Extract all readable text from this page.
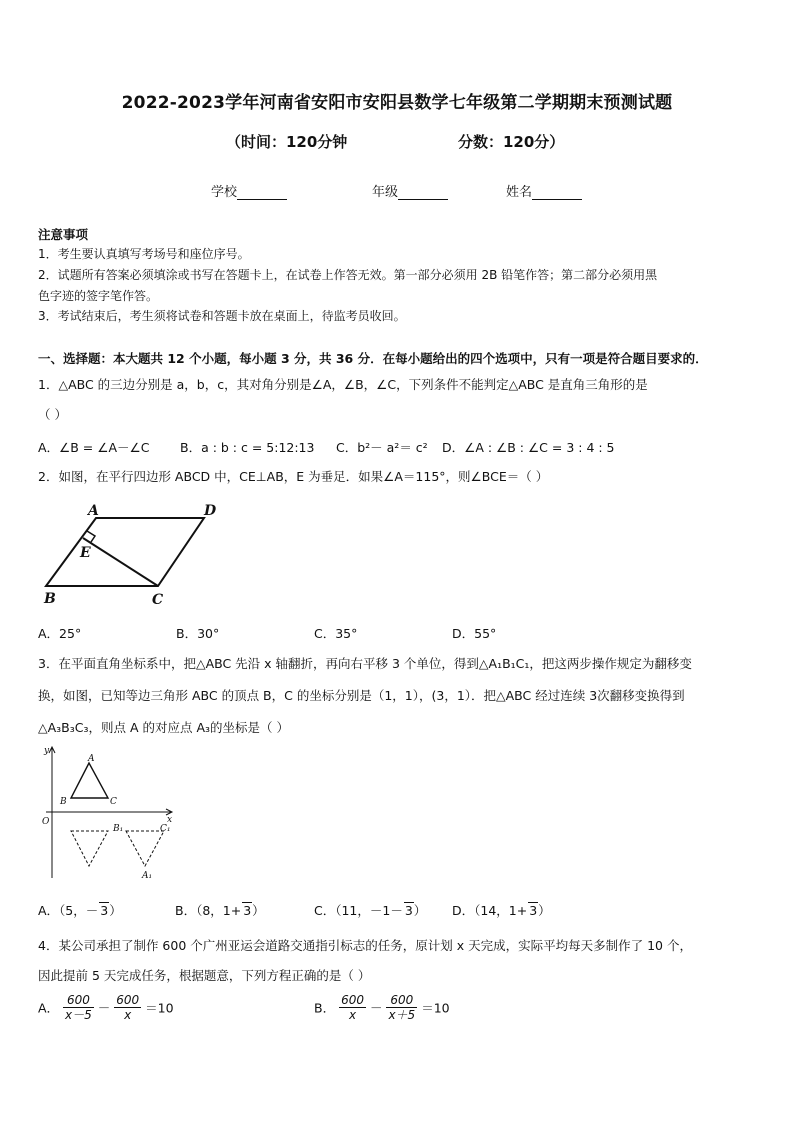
2022-2023学年河南省安阳市安阳县数学七年级第二学期期末预测试题
（时间：120分钟	分数：120分）
学校	年级	姓名
注意事项
1．考生要认真填写考场号和座位序号。
2．试题所有答案必须填涂或书写在答题卡上，在试卷上作答无效。第一部分必须用 2B 铅笔作答；第二部分必须用黑
色字迹的签字笔作答。
3．考试结束后，考生须将试卷和答题卡放在桌面上，待监考员收回。
一、选择题：本大题共 12 个小题，每小题 3 分，共 36 分．在每小题给出的四个选项中，只有一项是符合题目要求的．
1．△ABC 的三边分别是 a，b，c，其对角分别是∠A，∠B，∠C，下列条件不能判定△ABC 是直角三角形的是
（ ）
A．∠B = ∠A－∠C B．a : b : c = 5:12:13 C．b²－ a²＝ c² D．∠A : ∠B : ∠C = 3 : 4 : 5
2．如图，在平行四边形 ABCD 中，CE⊥AB，E 为垂足．如果∠A＝115°，则∠BCE＝（ ）
A	D
E
B	C
A．25°	B．30°	C．35°	D．55°
3．在平面直角坐标系中，把△ABC 先沿 x 轴翻折，再向右平移 3 个单位，得到△A₁B₁C₁，把这两步操作规定为翻移变
换，如图，已知等边三角形 ABC 的顶点 B，C 的坐标分别是（1，1），(3，1）．把△ABC 经过连续 3次翻移变换得到
△A₃B₃C₃，则点 A 的对应点 A₃的坐标是（ ）
y
x
O
A
B	C
B₁	C₁
A₁
A．（5，－ 3）	B．（8，1+ 3）	C．（11，－1－ 3） D．（14，1+ 3）
4．某公司承担了制作 600 个广州亚运会道路交通指引标志的任务，原计划 x 天完成，实际平均每天多制作了 10 个，
因此提前 5 天完成任务，根据题意，下列方程正确的是（ ）
A． $\frac{600}{x-5} - \frac{600}{x} =10$	B． $\frac{600}{x} - \frac{600}{x+5} =10$
